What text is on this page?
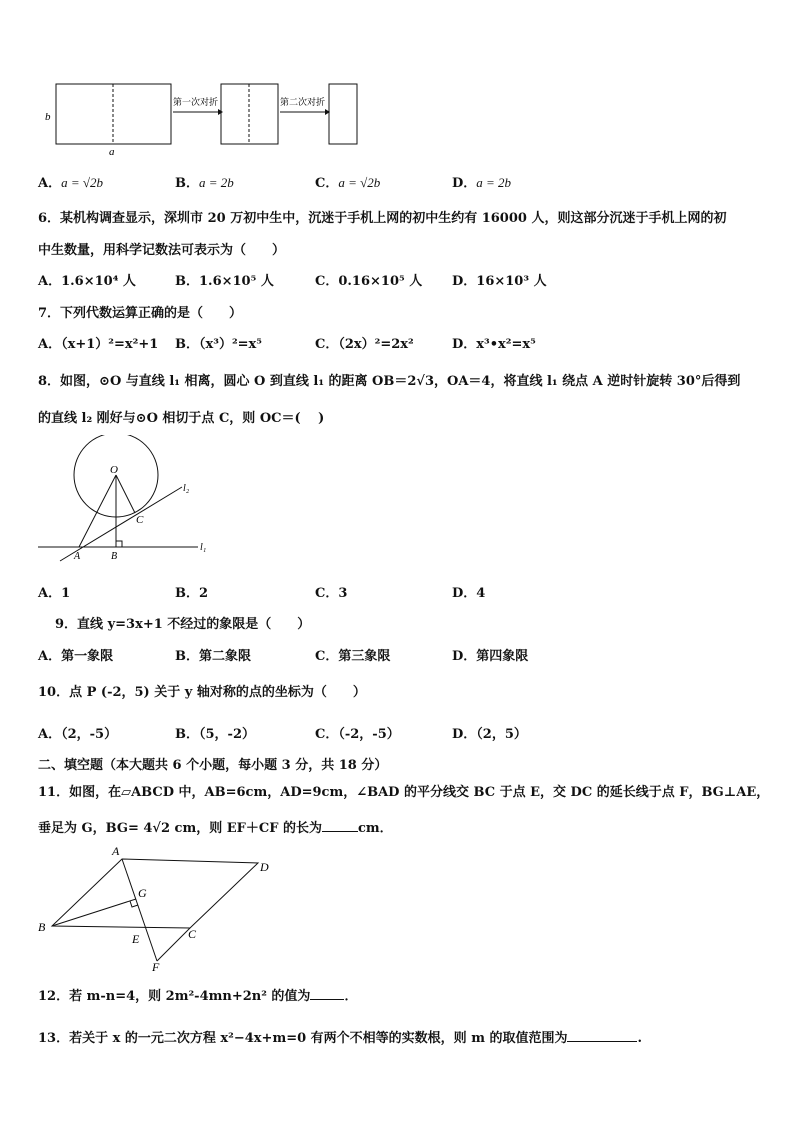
b
a
第一次对折	第二次对折
A．a = √2b	B．a = 2b	C．a = √2b	D．a = 2b
6．某机构调查显示，深圳市 20 万初中生中，沉迷于手机上网的初中生约有 16000 人，则这部分沉迷于手机上网的初
中生数量，用科学记数法可表示为（　　）
A．1.6×10⁴ 人	B．1.6×10⁵ 人	C．0.16×10⁵ 人 D．16×10³ 人
7．下列代数运算正确的是（　　）
A．（x+1）²=x²+1 B．（x³）²=x⁵	C．（2x）²=2x²	D．x³•x²=x⁵
8．如图，⊙O 与直线 l₁ 相离，圆心 O 到直线 l₁ 的距离 OB＝2√3，OA＝4，将直线 l₁ 绕点 A 逆时针旋转 30°后得到
的直线 l₂ 刚好与⊙O 相切于点 C，则 OC＝(　 )
O
C
A	B
l₁
l₂
A．1	B．2	C．3	D．4
9．直线 y=3x+1 不经过的象限是（　　）
A．第一象限	B．第二象限	C．第三象限	D．第四象限
10．点 P (-2，5) 关于 y 轴对称的点的坐标为（　　）
A．（2，-5）	B．（5，-2）	C．（-2，-5）	D．（2，5）
二、填空题（本大题共 6 个小题，每小题 3 分，共 18 分）
11．如图，在▱ABCD 中，AB=6cm，AD=9cm，∠BAD 的平分线交 BC 于点 E，交 DC 的延长线于点 F，BG⊥AE，
垂足为 G，BG= 4√2 cm，则 EF＋CF 的长为	cm．
A
D
G
B
E	C
F
12．若 m-n=4，则 2m²-4mn+2n² 的值为	．
13．若关于 x 的一元二次方程 x²−4x+m=0 有两个不相等的实数根，则 m 的取值范围为	.
